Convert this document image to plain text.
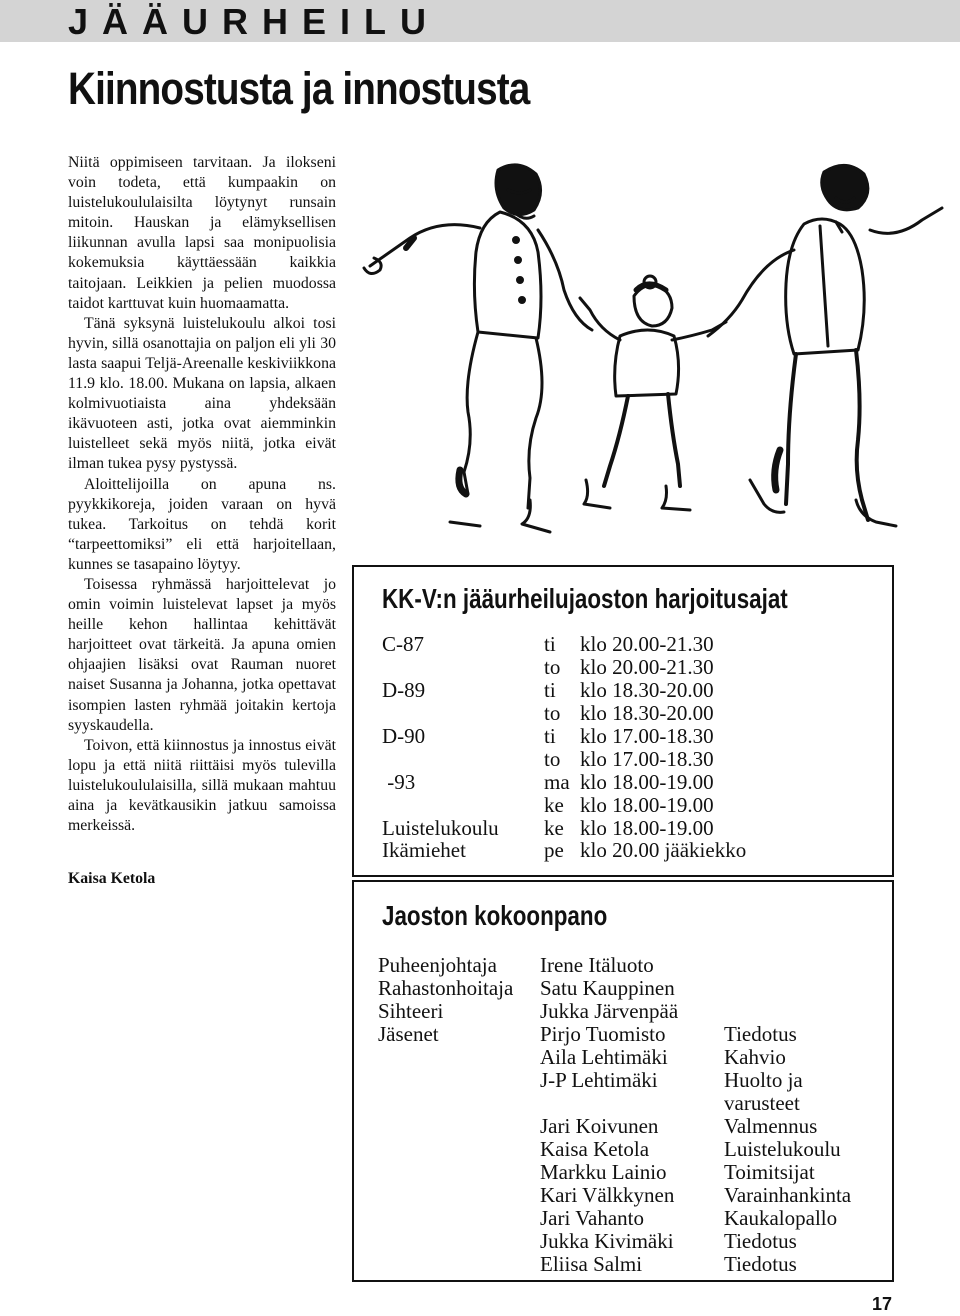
JÄÄURHEILU
Kiinnostusta ja innostusta

Niitä oppimiseen tarvitaan. Ja ilokseni voin todeta, että kumpaakin on luistelukoululaisilta löytynyt runsain mitoin. Hauskan ja elämyksellisen liikunnan avulla lapsi saa monipuolisia kokemuksia käyttäessään kaikkia taitojaan. Leikkien ja pelien muodossa taidot karttuvat kuin huomaamatta.

Tänä syksynä luistelukoulu alkoi tosi hyvin, sillä osanottajia on paljon eli yli 30 lasta saapui Teljä-Areenalle keskiviikkona 11.9 klo. 18.00. Mukana on lapsia, alkaen kolmivuotiaista aina yhdeksään ikävuoteen asti, jotka ovat aiemminkin luistelleet sekä myös niitä, jotka eivät ilman tukea pysy pystyssä.

Aloittelijoilla on apuna ns. pyykkikoreja, joiden varaan on hyvä tukea. Tarkoitus on tehdä korit “tarpeettomiksi” eli että harjoitellaan, kunnes se tasapaino löytyy.

Toisessa ryhmässä harjoittelevat jo omin voimin luistelevat lapset ja myös heille kehon hallintaa kehittävät harjoitteet ovat tärkeitä. Ja apuna omien ohjaajien lisäksi ovat Rauman nuoret naiset Susanna ja Johanna, jotka opettavat isompien lasten ryhmää joitakin kertoja syyskaudella.

Toivon, että kiinnostus ja innostus eivät lopu ja että niitä riittäisi myös tulevilla luistelukoululaisilla, sillä mukaan mahtuu aina ja kevätkausikin jatkuu samoissa merkeissä.

Kaisa Ketola
KK-V:n jääurheilujaoston harjoitusajat
C-87	ti klo 20.00-21.30
to klo 20.00-21.30
D-89	ti klo 18.30-20.00
to klo 18.30-20.00
D-90	ti klo 17.00-18.30
to klo 17.00-18.30
-93	ma klo 18.00-19.00
ke klo 18.00-19.00
Luistelukoulu ke klo 18.00-19.00
Ikämiehet	pe klo 20.00 jääkiekko
Jaoston kokoonpano
Puheenjohtaja Irene Itäluoto
Rahastonhoitaja Satu Kauppinen
Sihteeri	Jukka Järvenpää
Jäsenet	Pirjo Tuomisto	Tiedotus
Aila Lehtimäki	Kahvio
J-P Lehtimäki	Huolto ja
varusteet
Jari Koivunen	Valmennus
Kaisa Ketola	Luistelukoulu
Markku Lainio	Toimitsijat
Kari Välkkynen Varainhankinta
Jari Vahanto	Kaukalopallo
Jukka Kivimäki Tiedotus
Eliisa Salmi	Tiedotus
17
